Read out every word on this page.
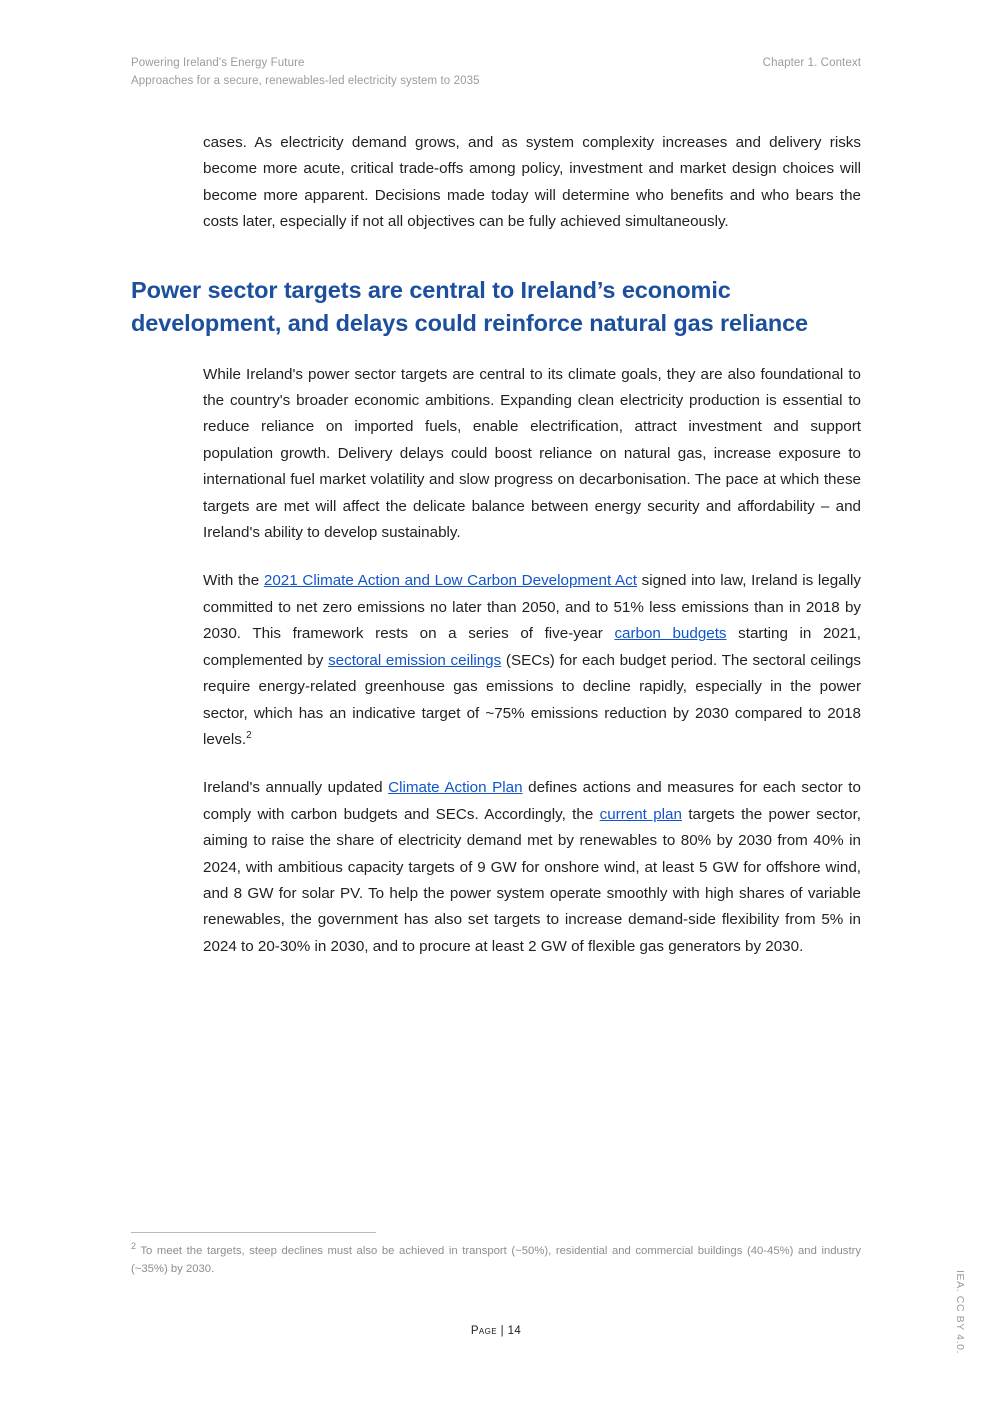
Powering Ireland's Energy Future
Approaches for a secure, renewables-led electricity system to 2035
Chapter 1. Context

cases. As electricity demand grows, and as system complexity increases and delivery risks become more acute, critical trade-offs among policy, investment and market design choices will become more apparent. Decisions made today will determine who benefits and who bears the costs later, especially if not all objectives can be fully achieved simultaneously.

Power sector targets are central to Ireland’s economic development, and delays could reinforce natural gas reliance

While Ireland's power sector targets are central to its climate goals, they are also foundational to the country's broader economic ambitions. Expanding clean electricity production is essential to reduce reliance on imported fuels, enable electrification, attract investment and support population growth. Delivery delays could boost reliance on natural gas, increase exposure to international fuel market volatility and slow progress on decarbonisation. The pace at which these targets are met will affect the delicate balance between energy security and affordability – and Ireland's ability to develop sustainably.

With the 2021 Climate Action and Low Carbon Development Act signed into law, Ireland is legally committed to net zero emissions no later than 2050, and to 51% less emissions than in 2018 by 2030. This framework rests on a series of five-year carbon budgets starting in 2021, complemented by sectoral emission ceilings (SECs) for each budget period. The sectoral ceilings require energy-related greenhouse gas emissions to decline rapidly, especially in the power sector, which has an indicative target of ~75% emissions reduction by 2030 compared to 2018 levels.$^2$

Ireland's annually updated Climate Action Plan defines actions and measures for each sector to comply with carbon budgets and SECs. Accordingly, the current plan targets the power sector, aiming to raise the share of electricity demand met by renewables to 80% by 2030 from 40% in 2024, with ambitious capacity targets of 9 GW for onshore wind, at least 5 GW for offshore wind, and 8 GW for solar PV. To help the power system operate smoothly with high shares of variable renewables, the government has also set targets to increase demand-side flexibility from 5% in 2024 to 20-30% in 2030, and to procure at least 2 GW of flexible gas generators by 2030.

$^2$ To meet the targets, steep declines must also be achieved in transport (~50%), residential and commercial buildings (40-45%) and industry (~35%) by 2030.
Page | 14	IEA. CC BY 4.0.
